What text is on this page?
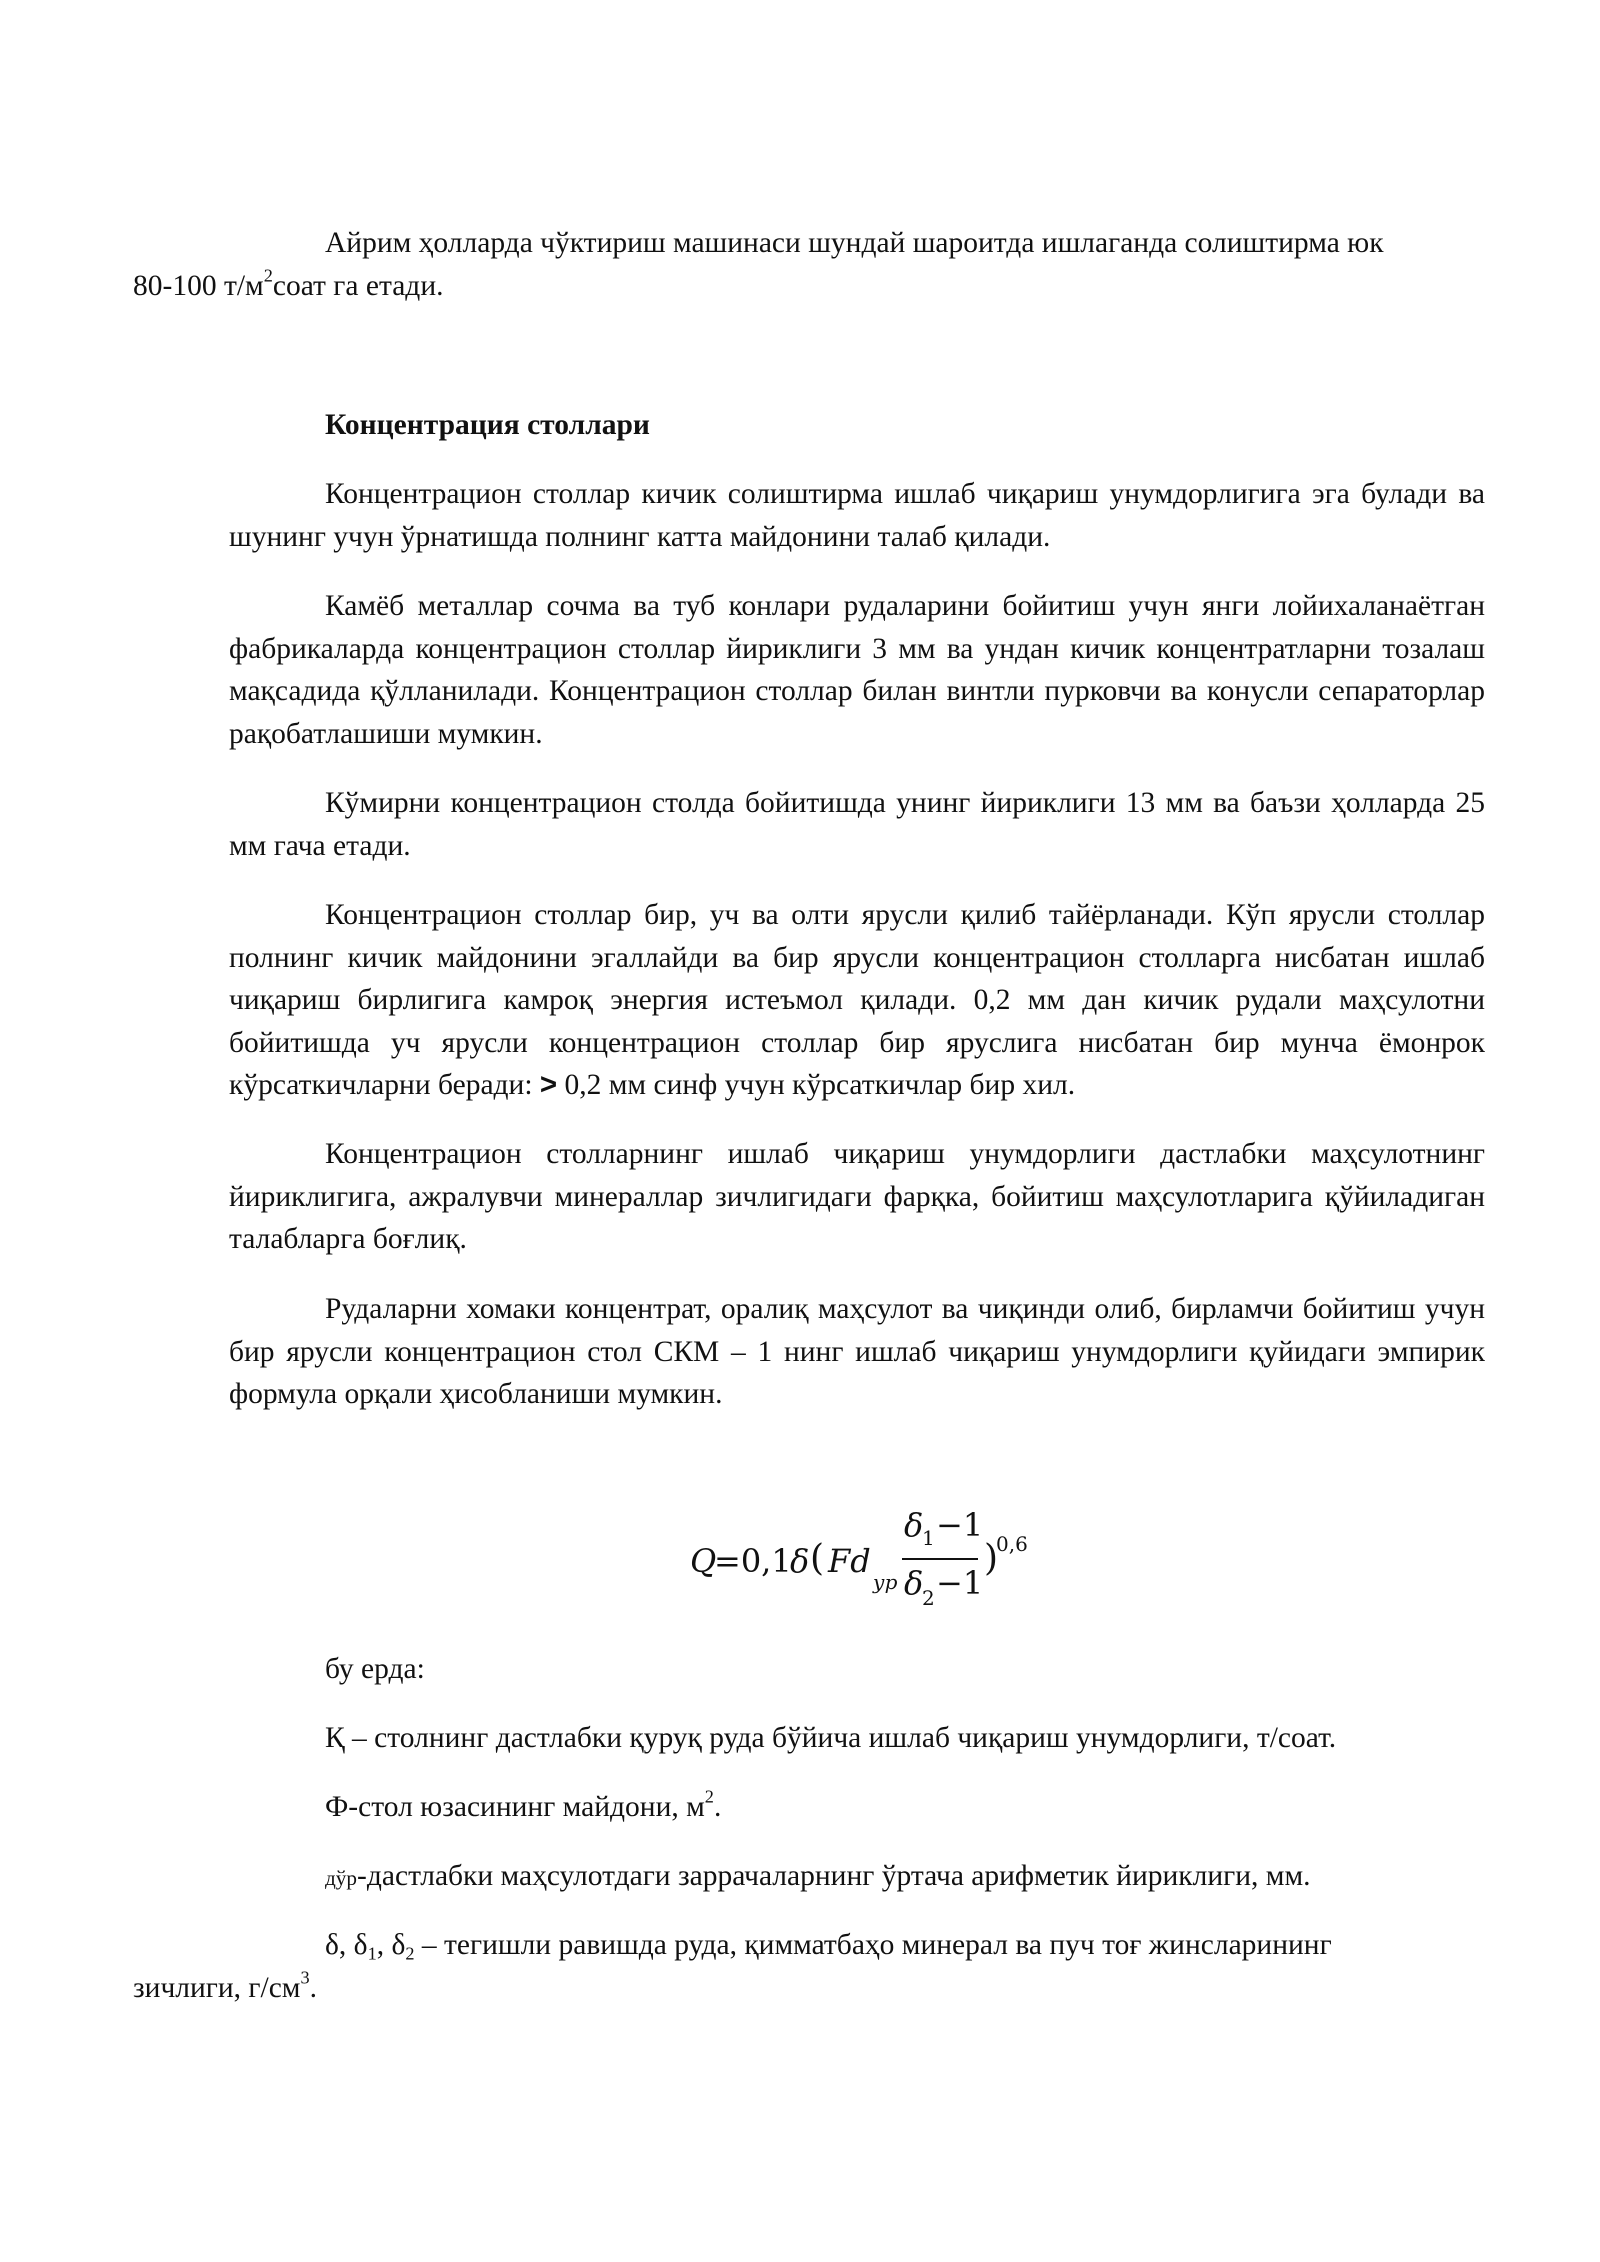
Айрим ҳолларда чўктириш машинаси шундай шароитда ишлаганда солиштирма юк
80-100 $т/м^2соат$ га етади.

Концентрация столлари

Концентрацион столлар кичик солиштирма ишлаб чиқариш унумдорлигига эга булади ва шунинг учун ўрнатишда полнинг катта майдонини талаб қилади.

Камёб металлар сочма ва туб конлари рудаларини бойитиш учун янги лойихаланаётган фабрикаларда концентрацион столлар йириклиги 3 мм ва ундан кичик концентратларни тозалаш мақсадида қўлланилади. Концентрацион столлар билан винтли пурковчи ва конусли сепараторлар рақобатлашиши мумкин.

Кўмирни концентрацион столда бойитишда унинг йириклиги 13 мм ва баъзи ҳолларда 25 мм гача етади.

Концентрацион столлар бир, уч ва олти ярусли қилиб тайёрланади. Кўп ярусли столлар полнинг кичик майдонини эгаллайди ва бир ярусли концентрацион столларга нисбатан ишлаб чиқариш бирлигига камроқ энергия истеъмол қилади. 0,2 мм дан кичик рудали маҳсулотни бойитишда уч ярусли концентрацион столлар бир яруслига нисбатан бир мунча ёмонрок кўрсаткичларни беради: > 0,2 мм синф учун кўрсаткичлар бир хил.

Концентрацион столларнинг ишлаб чиқариш унумдорлиги дастлабки маҳсулотнинг йириклигига, ажралувчи минераллар зичлигидаги фарқка, бойитиш маҳсулотларига қўйиладиган талабларга боғлиқ.

Рудаларни хомаки концентрат, оралиқ маҳсулот ва чиқинди олиб, бирламчи бойитиш учун бир ярусли концентрацион стол СКМ – 1 нинг ишлаб чиқариш унумдорлиги қуйидаги эмпирик формула орқали ҳисобланиши мумкин.

Q
=0,1
δ ( Fd
ур
δ
1 −1
δ
2 −1
)
0,6

бу ерда:

Қ – столнинг дастлабки қуруқ руда бўйича ишлаб чиқариш унумдорлиги, т/соат.

Ф-стол юзасининг майдони, $м^2$.

дўр-дастлабки маҳсулотдаги заррачаларнинг ўртача арифметик йириклиги, мм.

δ, $\delta_1$, $\delta_2$ – тегишли равишда руда, қимматбаҳо минерал ва пуч тоғ жинсларининг
зичлиги, $г/см^3$.
